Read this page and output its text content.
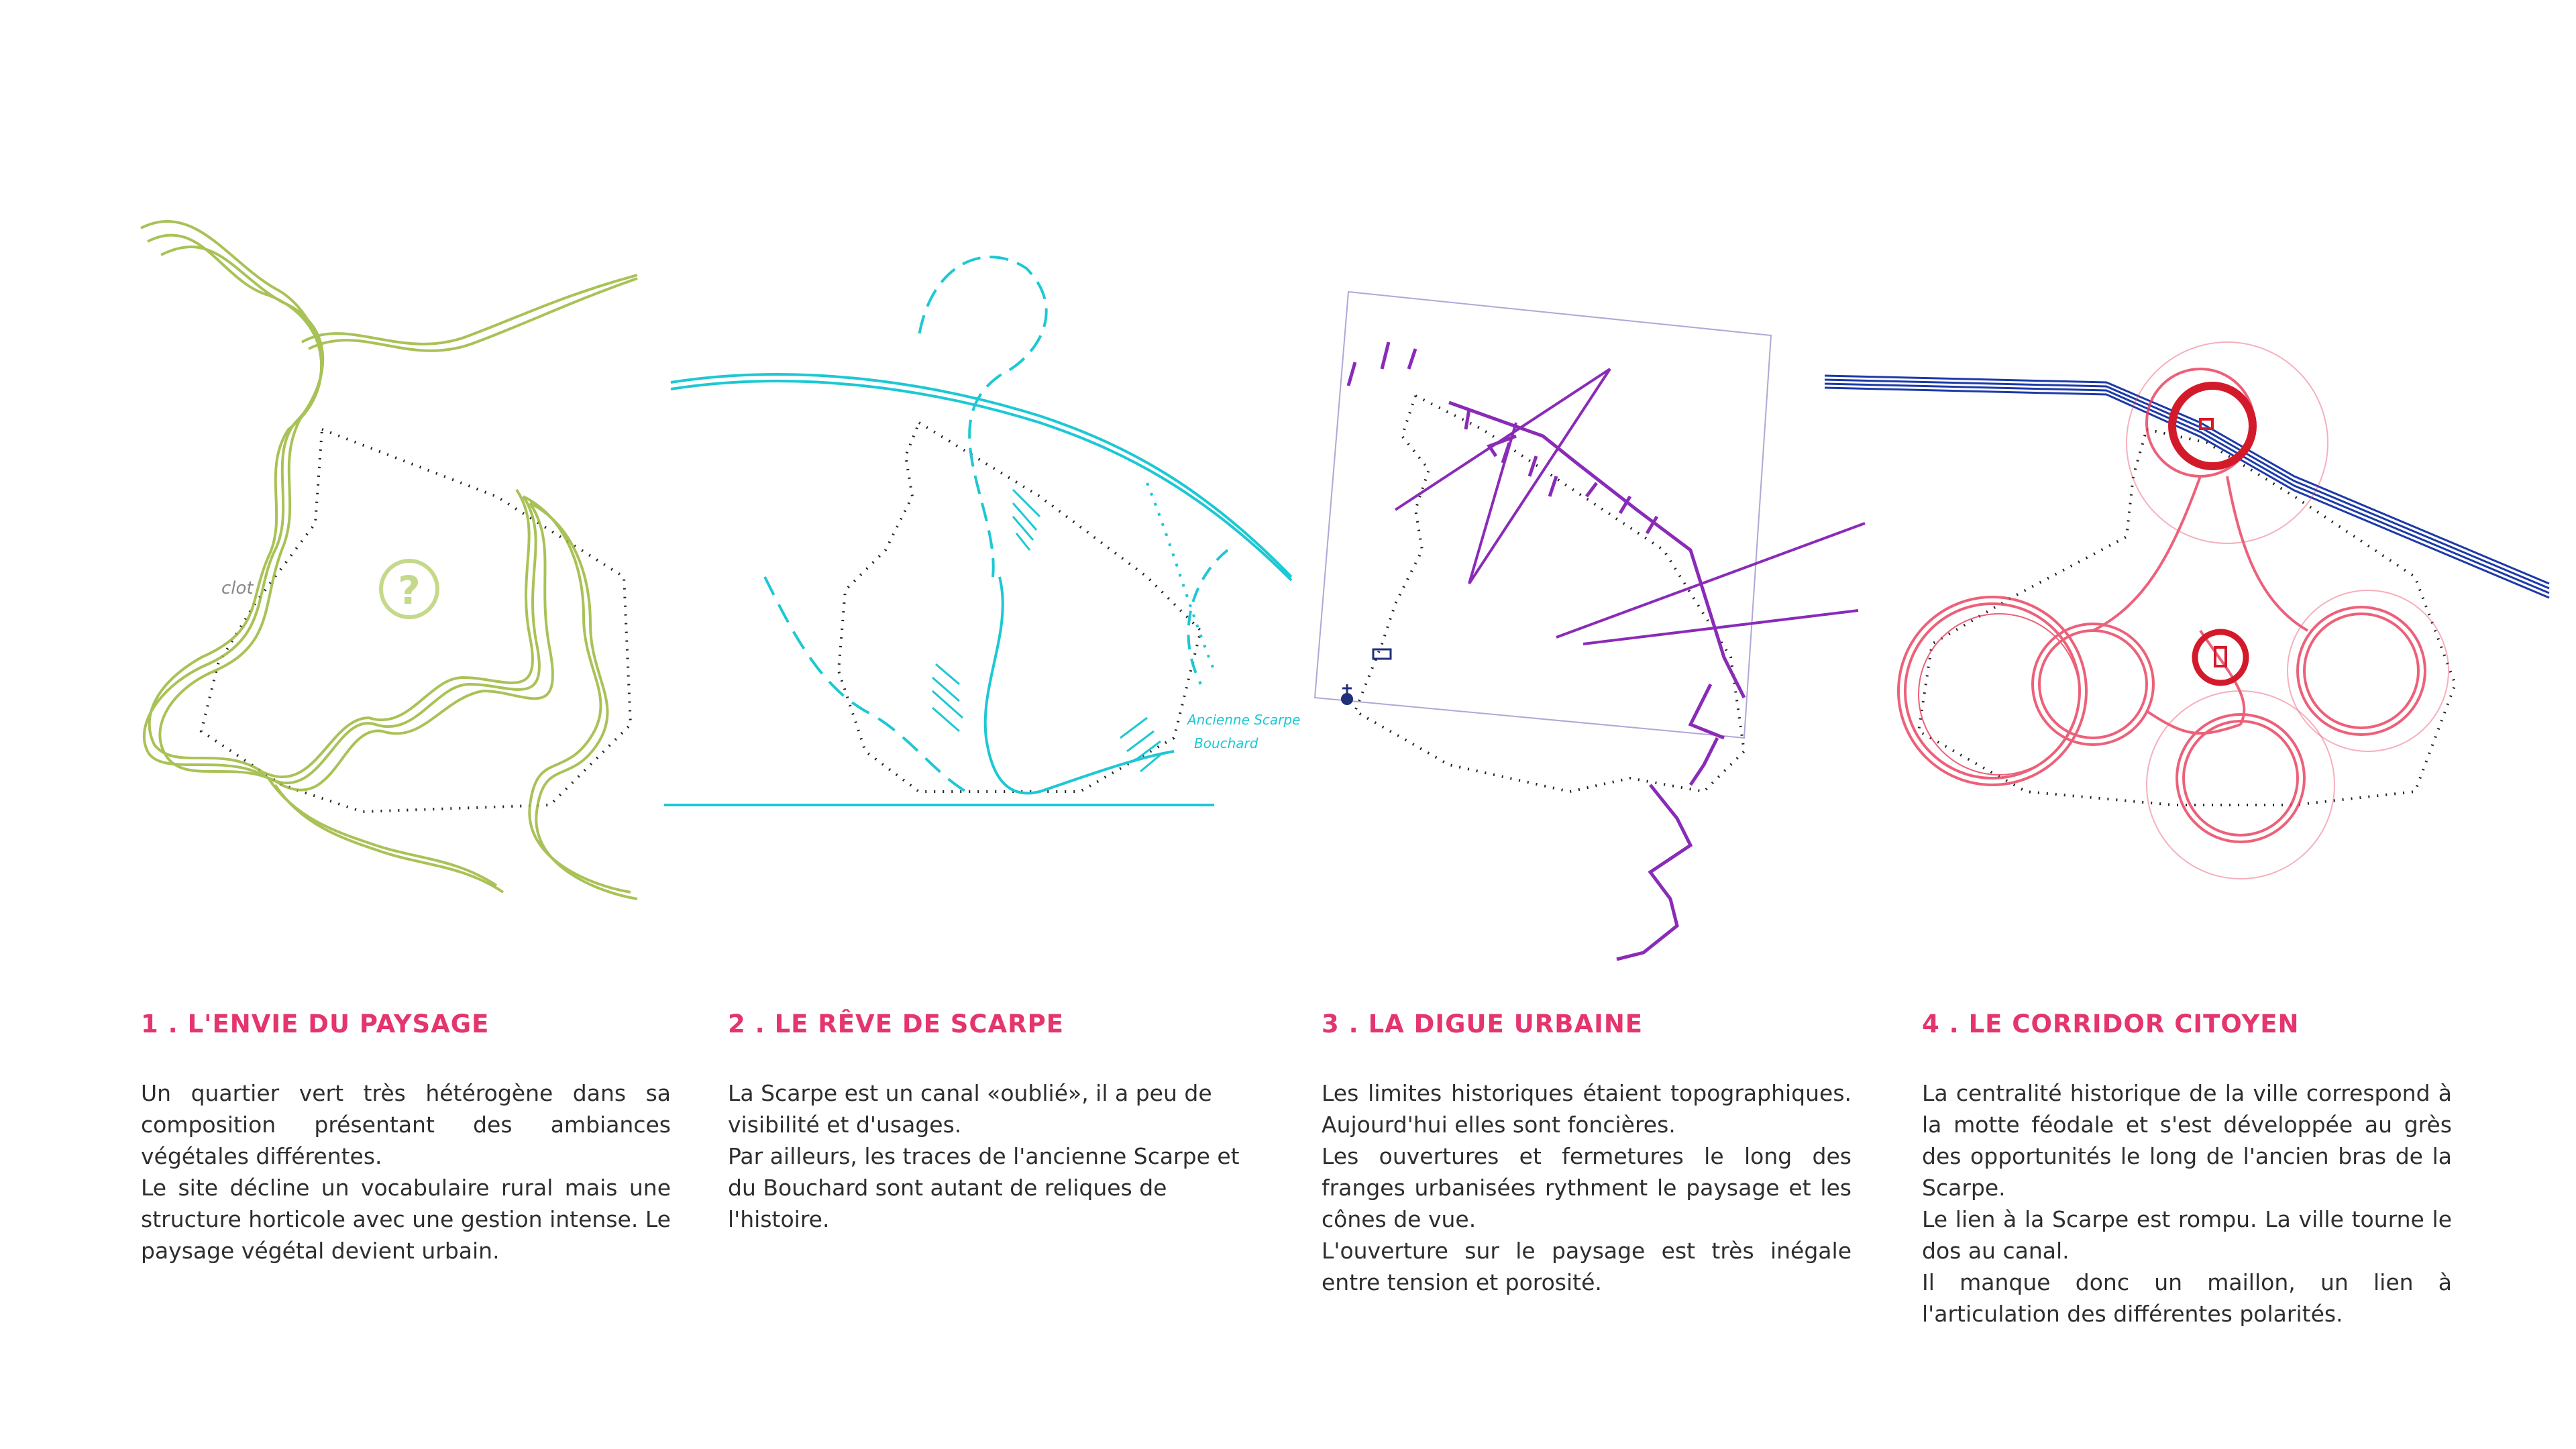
?
clot
Ancienne Scarpe
Bouchard
1 . L'ENVIE DU PAYSAGE

Un quartier vert très hétérogène dans sa composition présentant des ambiances végétales différentes.

Le site décline un vocabulaire rural mais une structure horticole avec une gestion intense. Le paysage végétal devient urbain.

2 . LE RÊVE DE SCARPE

La Scarpe est un canal «oublié», il a peu de visibilité et d'usages.

Par ailleurs, les traces de l'ancienne Scarpe et du Bouchard sont autant de reliques de l'histoire.

3 . LA DIGUE URBAINE

Les limites historiques étaient topographiques. Aujourd'hui elles sont foncières.

Les ouvertures et fermetures le long des franges urbanisées rythment le paysage et les cônes de vue.

L'ouverture sur le paysage est très inégale entre tension et porosité.

4 . LE CORRIDOR CITOYEN

La centralité historique de la ville correspond à la motte féodale et s'est développée au grès des opportunités le long de l'ancien bras de la Scarpe.

Le lien à la Scarpe est rompu. La ville tourne le dos au canal.

Il manque donc un maillon, un lien à l'articulation des différentes polarités.
